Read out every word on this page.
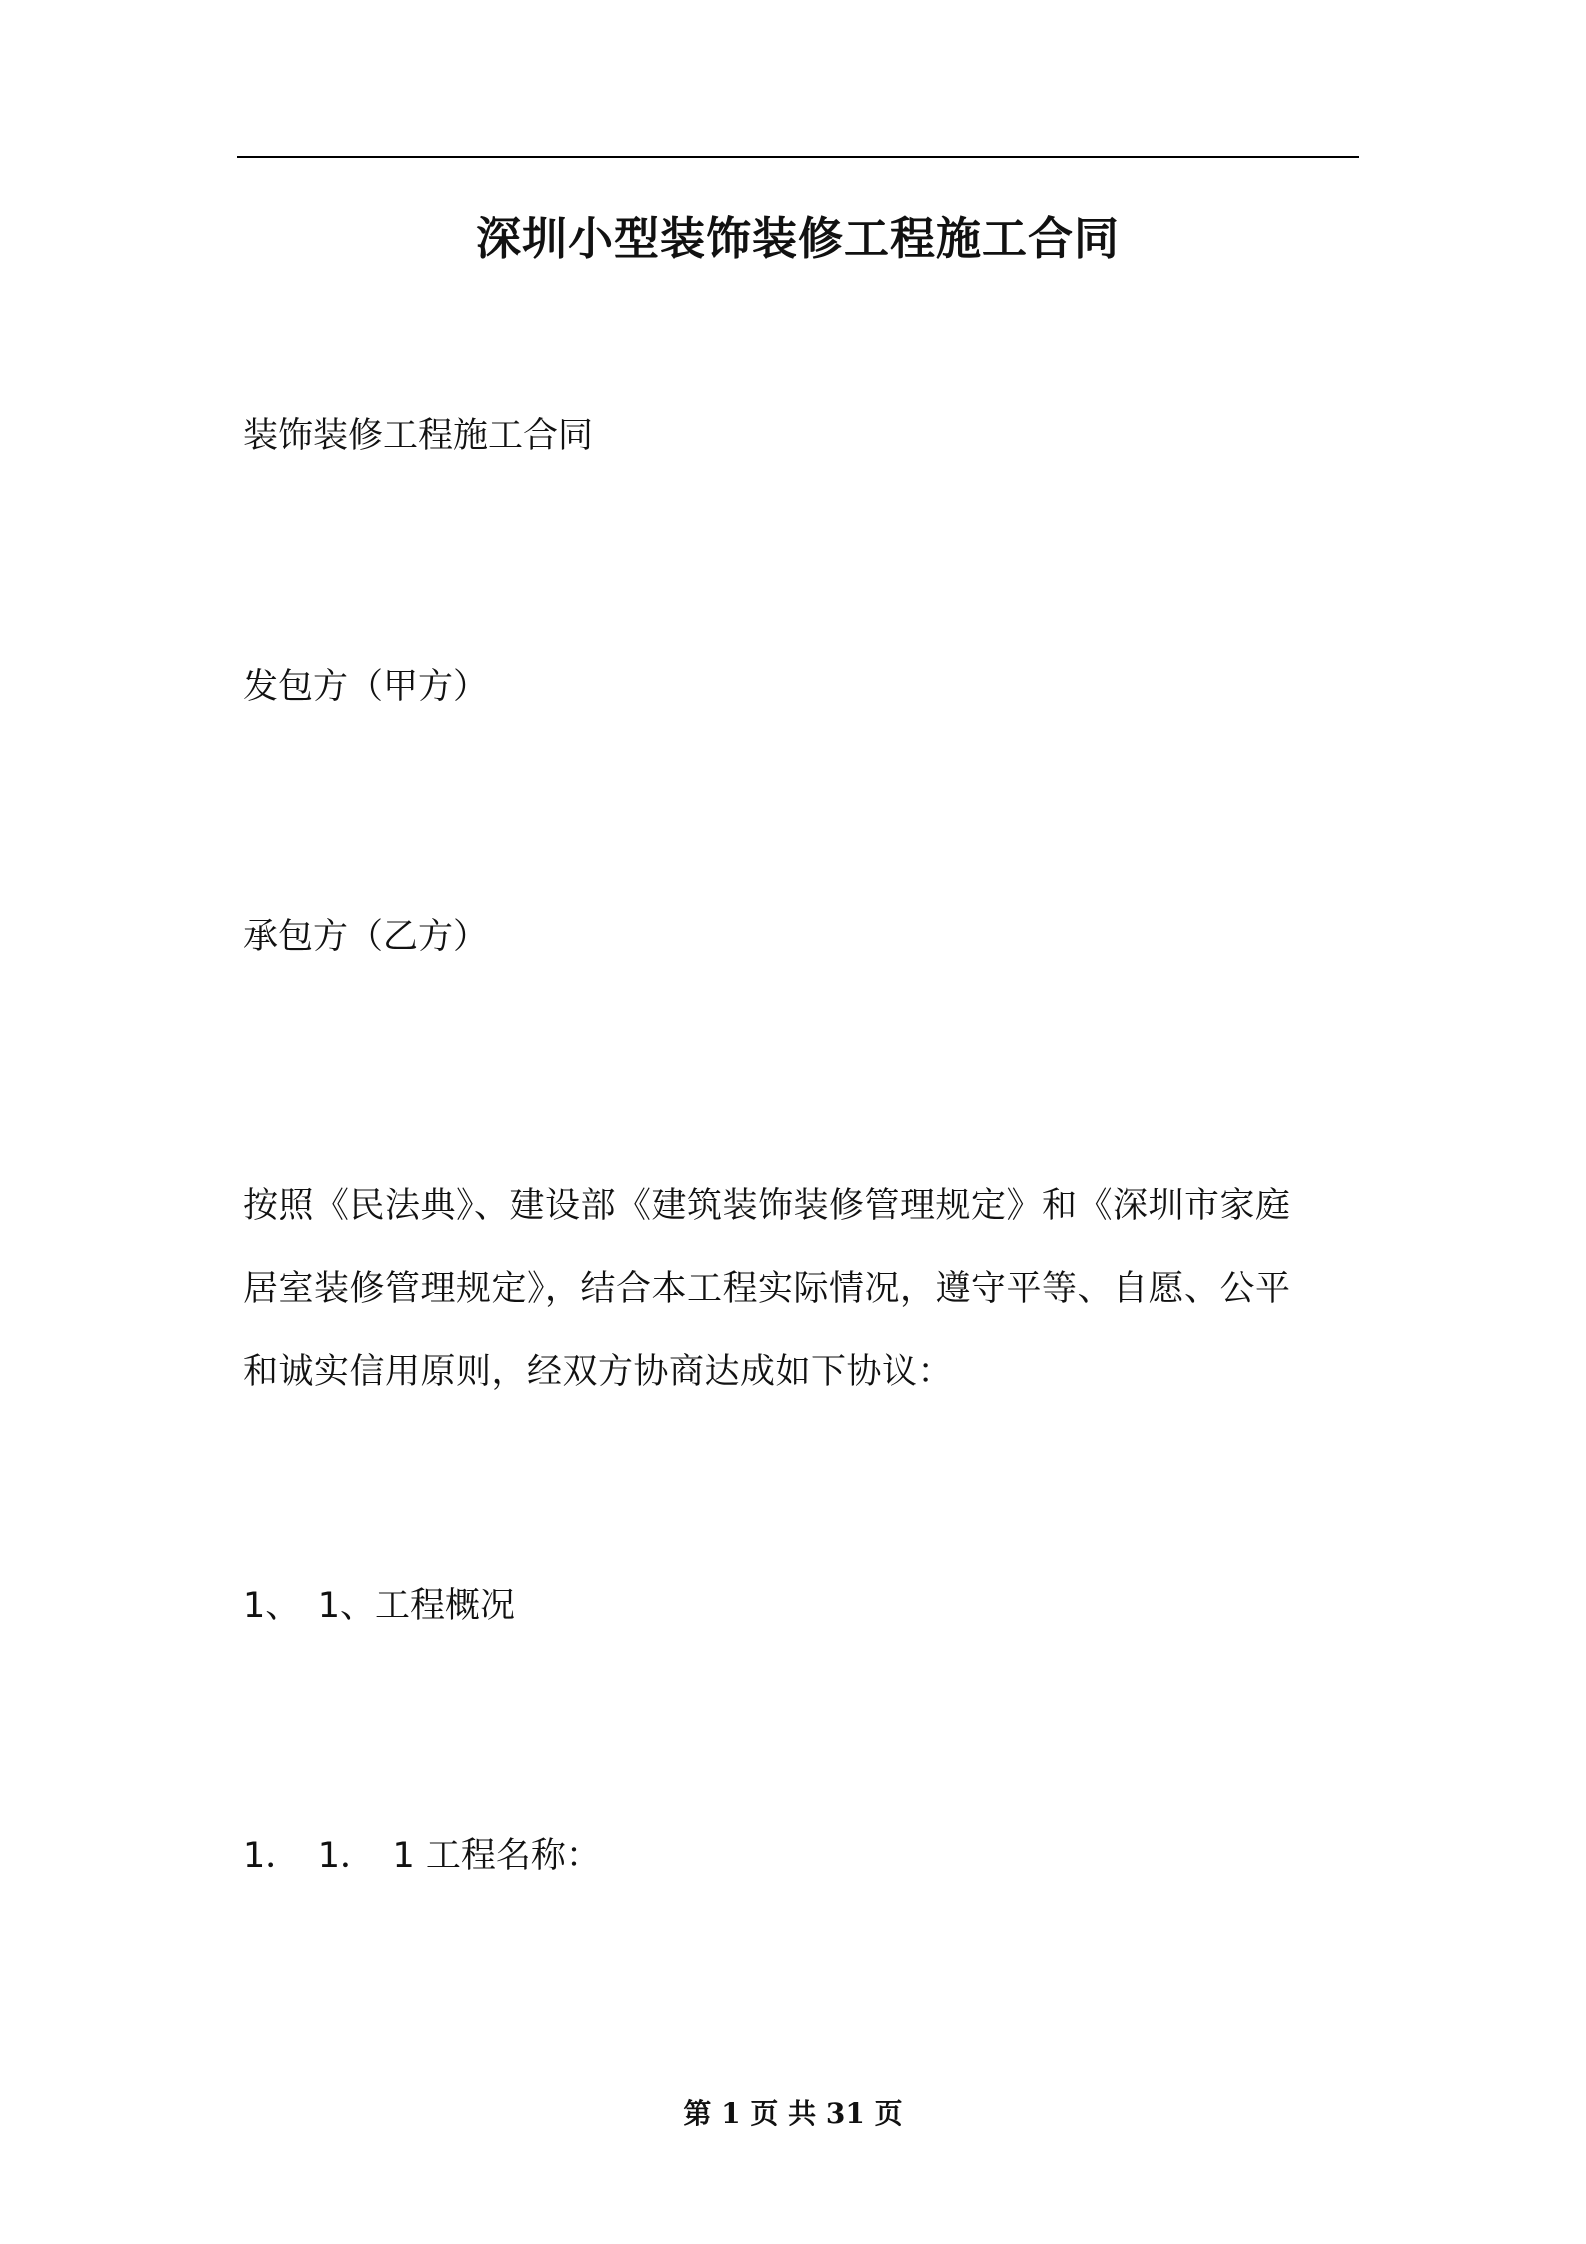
深圳小型装饰装修工程施工合同
装饰装修工程施工合同
发包方（甲方）
承包方（乙方）
按照《民法典》、建设部《建筑装饰装修管理规定》和《深圳市家庭
居室装修管理规定》，结合本工程实际情况，遵守平等、自愿、公平
和诚实信用原则，经双方协商达成如下协议：
1、　1、工程概况
1．　1．　1 工程名称：
第 1 页 共 31 页
